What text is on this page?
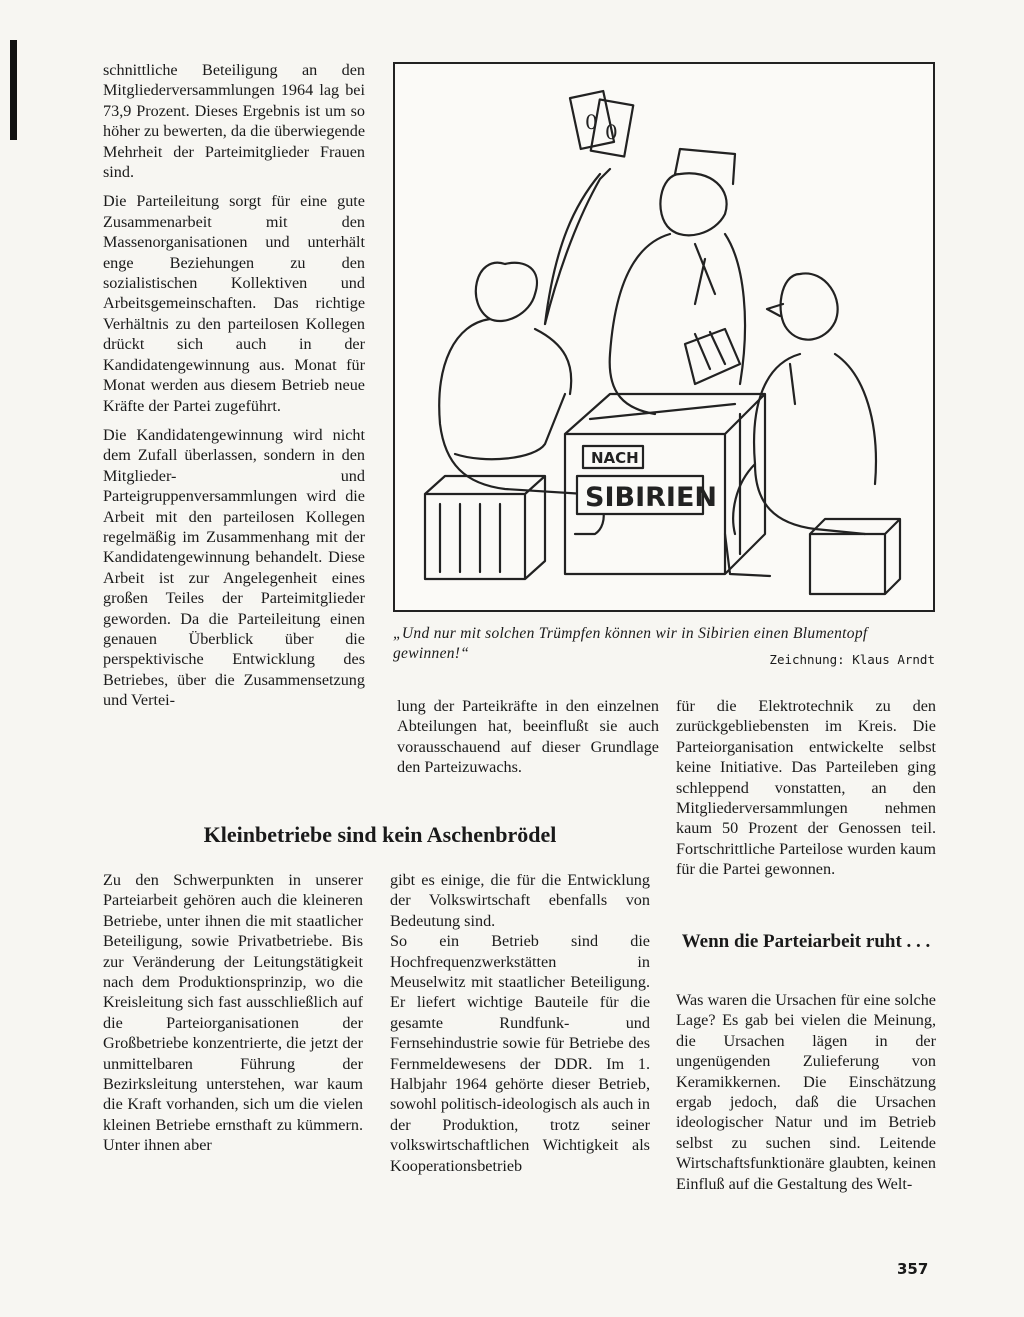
schnittliche Beteiligung an den Mitgliederversammlungen 1964 lag bei 73,9 Prozent. Dieses Ergebnis ist um so höher zu bewerten, da die überwiegende Mehrheit der Parteimitglieder Frauen sind.

Die Parteileitung sorgt für eine gute Zusammenarbeit mit den Massenorganisationen und unterhält enge Beziehungen zu den sozialistischen Kollektiven und Arbeitsgemeinschaften. Das richtige Verhältnis zu den parteilosen Kollegen drückt sich auch in der Kandidatengewinnung aus. Monat für Monat werden aus diesem Betrieb neue Kräfte der Partei zugeführt.

Die Kandidatengewinnung wird nicht dem Zufall überlassen, sondern in den Mitglieder- und Parteigruppenversammlungen wird die Arbeit mit den parteilosen Kollegen regelmäßig im Zusammenhang mit der Kandidatengewinnung behandelt. Diese Arbeit ist zur Angelegenheit eines großen Teiles der Parteimitglieder geworden. Da die Parteileitung einen genauen Überblick über die perspektivische Entwicklung des Betriebes, über die Zusammensetzung und Vertei-

0 0
NACH
SIBIRIEN
„Und nur mit solchen Trümpfen können wir in Sibirien einen Blumentopf gewinnen!“	Zeichnung: Klaus Arndt

lung der Parteikräfte in den einzelnen Abteilungen hat, beeinflußt sie auch vorausschauend auf dieser Grundlage den Parteizuwachs.

für die Elektrotechnik zu den zurückgebliebensten im Kreis. Die Parteiorganisation entwickelte selbst keine Initiative. Das Parteileben ging schleppend vonstatten, an den Mitgliederversammlungen nehmen kaum 50 Prozent der Genossen teil. Fortschrittliche Parteilose wurden kaum für die Partei gewonnen.

Kleinbetriebe sind kein Aschenbrödel

Zu den Schwerpunkten in unserer Parteiarbeit gehören auch die kleineren Betriebe, unter ihnen die mit staatlicher Beteiligung, sowie Privatbetriebe. Bis zur Veränderung der Leitungstätigkeit nach dem Produktionsprinzip, wo die Kreisleitung sich fast ausschließlich auf die Parteiorganisationen der Großbetriebe konzentrierte, die jetzt der unmittelbaren Führung der Bezirksleitung unterstehen, war kaum die Kraft vorhanden, sich um die vielen kleinen Betriebe ernsthaft zu kümmern. Unter ihnen aber

gibt es einige, die für die Entwicklung der Volkswirtschaft ebenfalls von Bedeutung sind.

So ein Betrieb sind die Hochfrequenzwerkstätten in Meuselwitz mit staatlicher Beteiligung. Er liefert wichtige Bauteile für die gesamte Rundfunk- und Fernsehindustrie sowie für Betriebe des Fernmeldewesens der DDR. Im 1. Halbjahr 1964 gehörte dieser Betrieb, sowohl politisch-ideologisch als auch in der Produktion, trotz seiner volkswirtschaftlichen Wichtigkeit als Kooperationsbetrieb

Wenn die Parteiarbeit ruht . . .

Was waren die Ursachen für eine solche Lage? Es gab bei vielen die Meinung, die Ursachen lägen in der ungenügenden Zulieferung von Keramikkernen. Die Einschätzung ergab jedoch, daß die Ursachen ideologischer Natur und im Betrieb selbst zu suchen sind. Leitende Wirtschaftsfunktionäre glaubten, keinen Einfluß auf die Gestaltung des Welt-

357
